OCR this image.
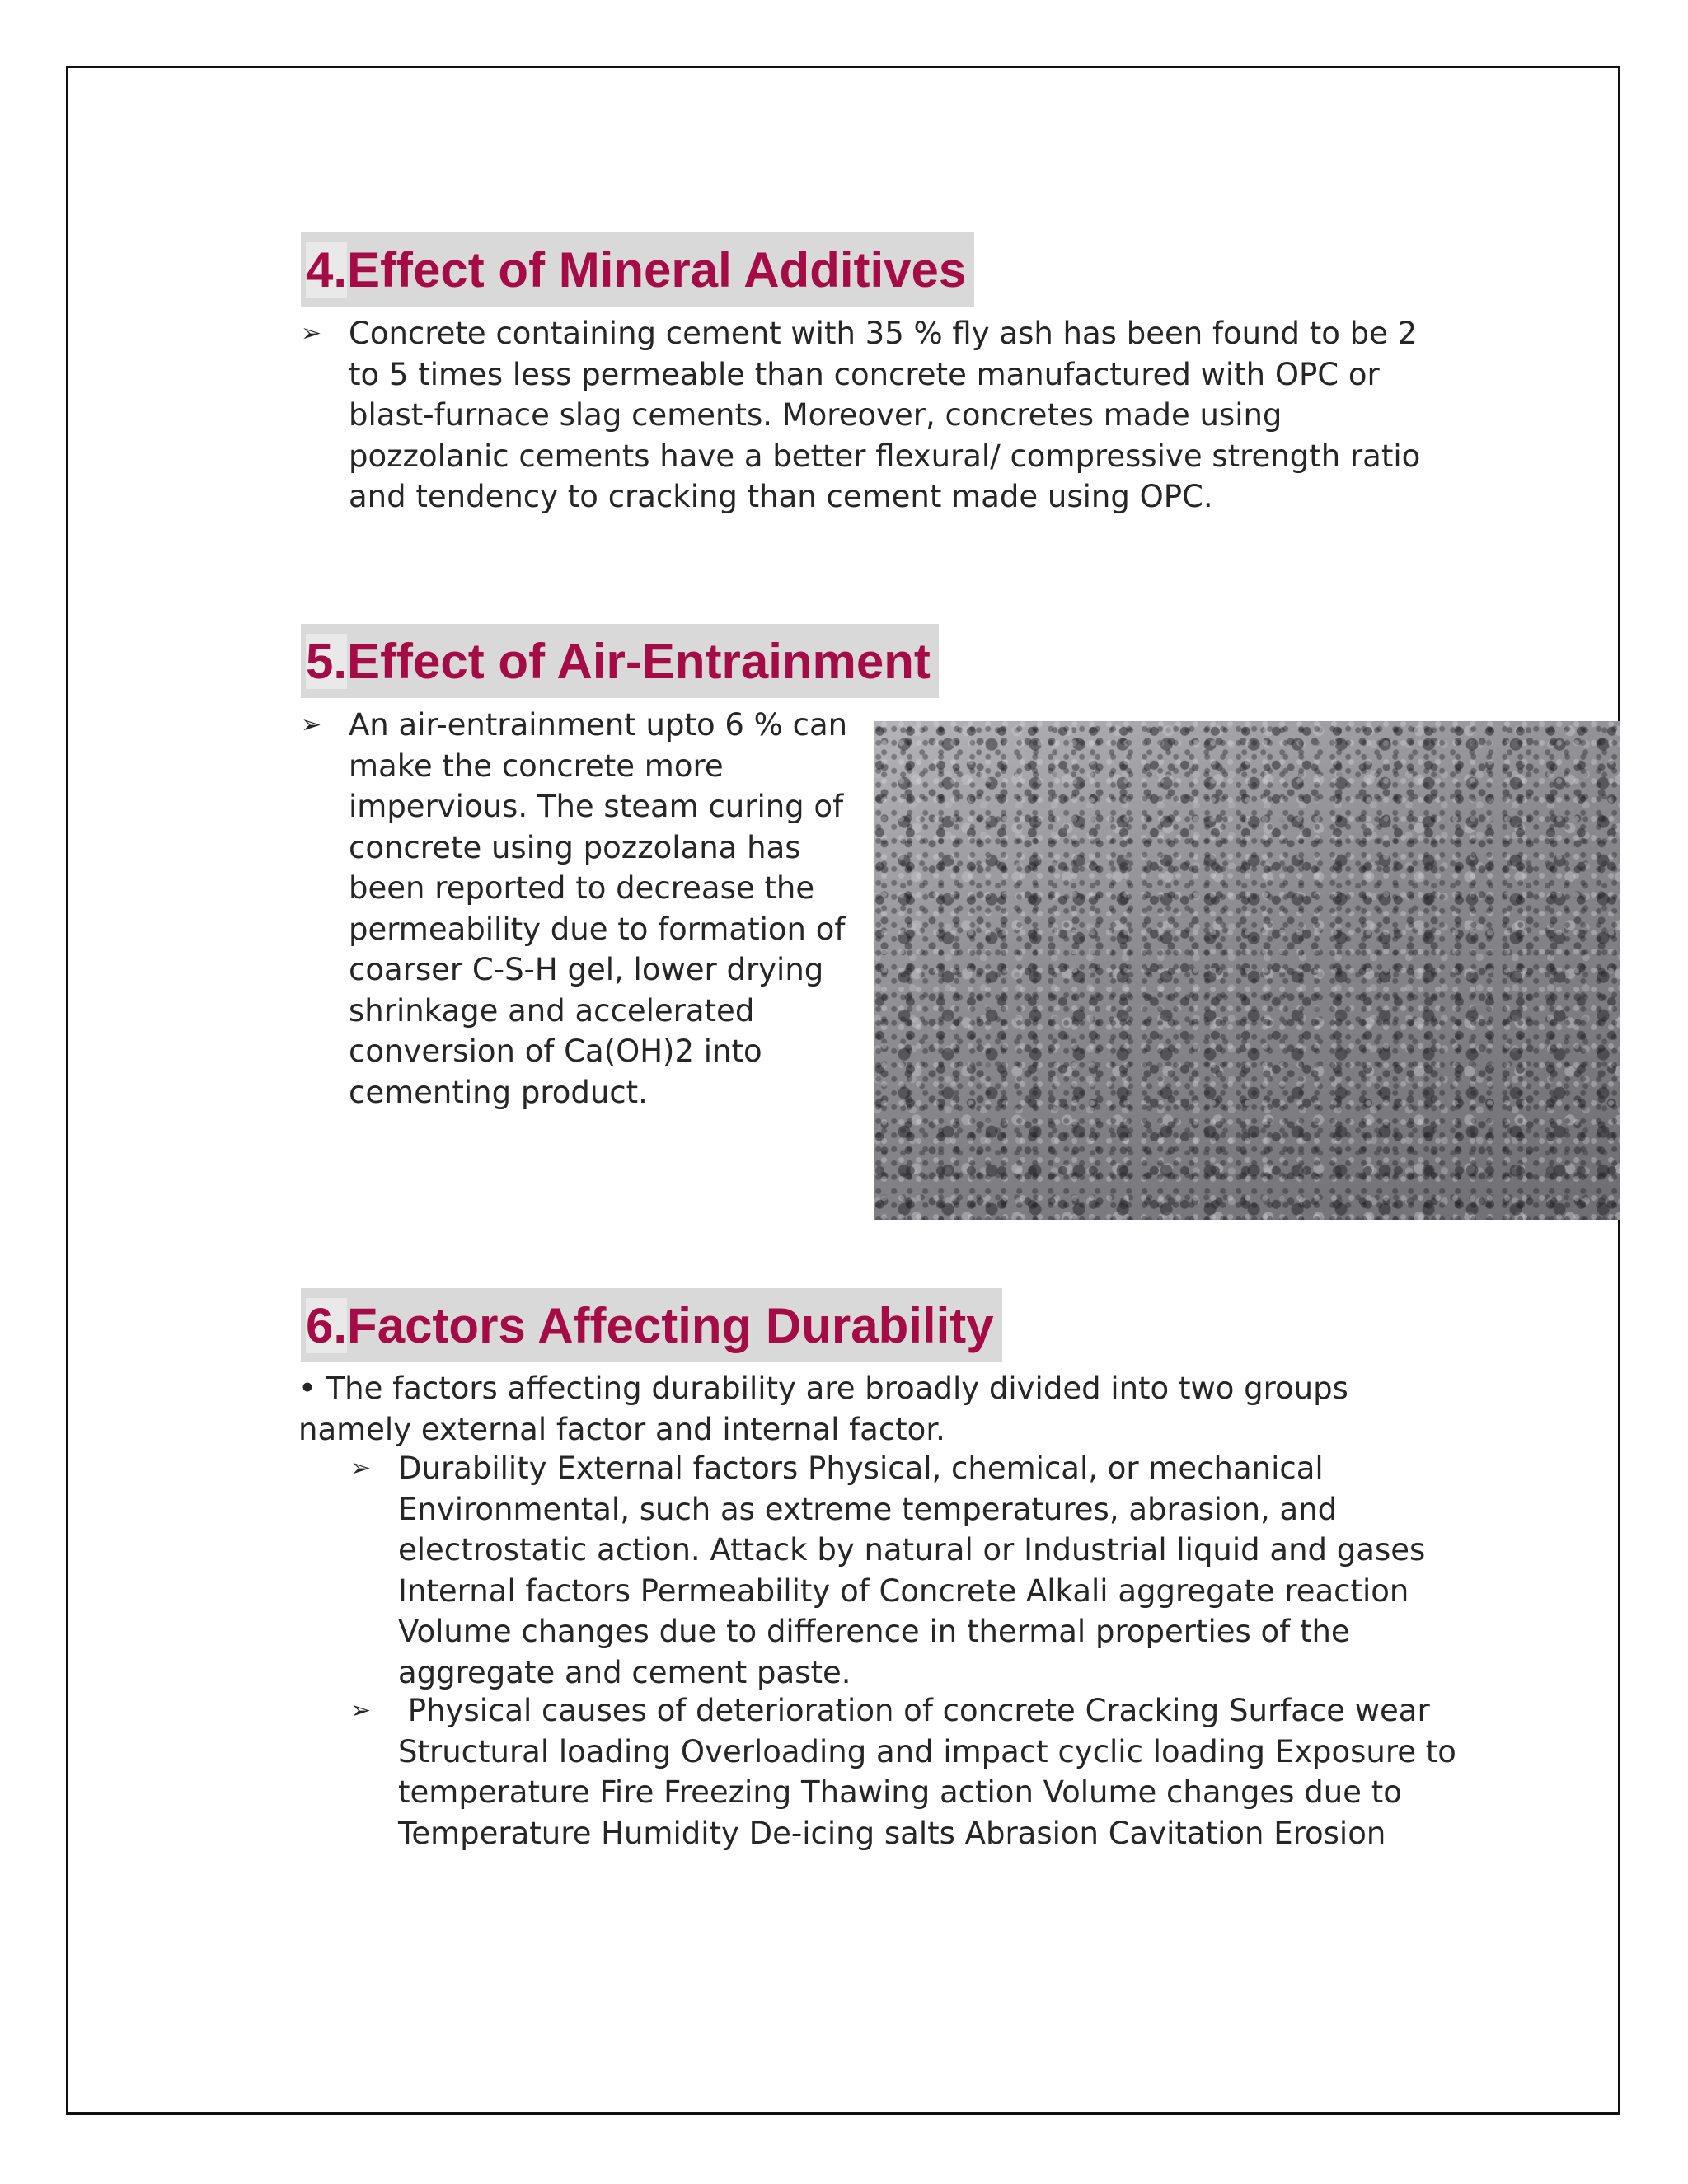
4.Effect of Mineral Additives
➢ Concrete containing cement with 35 % fly ash has been found to be 2 to 5 times less permeable than concrete manufactured with OPC or blast-furnace slag cements. Moreover, concretes made using pozzolanic cements have a better flexural/ compressive strength ratio and tendency to cracking than cement made using OPC.

5.Effect of Air-Entrainment
➢ An air-entrainment upto 6 % can make the concrete more impervious. The steam curing of concrete using pozzolana has been reported to decrease the permeability due to formation of coarser C-S-H gel, lower drying shrinkage and accelerated conversion of Ca(OH)2 into cementing product.

6.Factors Affecting Durability

• The factors affecting durability are broadly divided into two groups namely external factor and internal factor.

➢ Durability External factors Physical, chemical, or mechanical Environmental, such as extreme temperatures, abrasion, and electrostatic action. Attack by natural or Industrial liquid and gases Internal factors Permeability of Concrete Alkali aggregate reaction Volume changes due to difference in thermal properties of the aggregate and cement paste.

➢ Physical causes of deterioration of concrete Cracking Surface wear Structural loading Overloading and impact cyclic loading Exposure to temperature Fire Freezing Thawing action Volume changes due to Temperature Humidity De-icing salts Abrasion Cavitation Erosion
